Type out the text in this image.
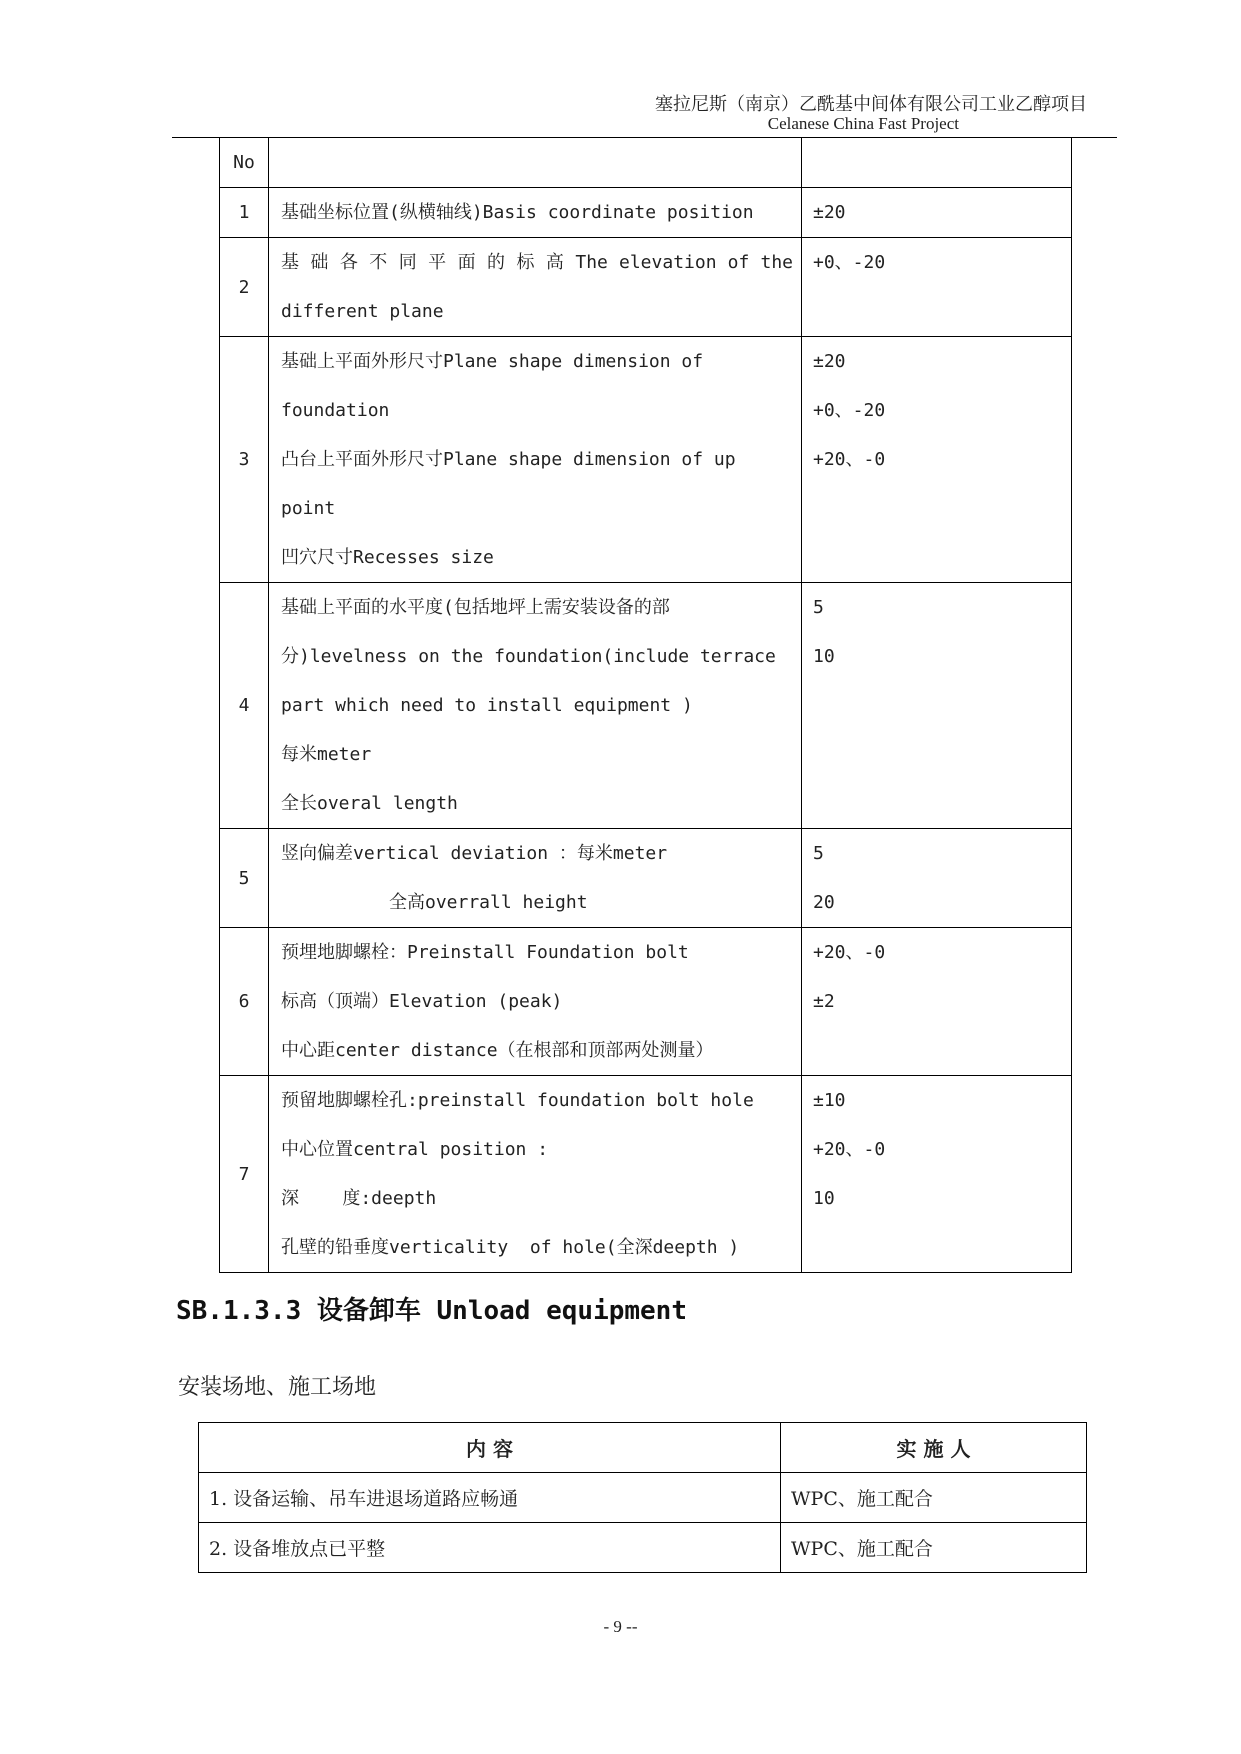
塞拉尼斯（南京）乙酰基中间体有限公司工业乙醇项目
Celanese China Fast Project
No		
1	基础坐标位置(纵横轴线)Basis coordinate position	±20

2	基 础 各 不 同 平 面 的 标 高 The elevation of the
different plane	+0、-20

3	基础上平面外形尺寸Plane shape dimension of
foundation
凸台上平面外形尺寸Plane shape dimension of up
point
凹穴尺寸Recesses size	±20
+0、-20
+20、-0

4	基础上平面的水平度(包括地坪上需安装设备的部
分)levelness on the foundation(include terrace
part which need to install equipment )
每米meter
全长overal length	5
10

5	竖向偏差vertical deviation ：每米meter
全高overrall height	5
20

6	预埋地脚螺栓：Preinstall Foundation bolt
标高（顶端）Elevation (peak)
中心距center distance（在根部和顶部两处测量）	+20、-0
±2

7	预留地脚螺栓孔:preinstall foundation bolt hole
中心位置central position :
深    度:deepth
孔壁的铅垂度verticality  of hole(全深deepth )	±10
+20、-0
10
SB.1.3.3 设备卸车 Unload equipment
安装场地、施工场地
内 容	实 施 人
1. 设备运输、吊车进退场道路应畅通	WPC、施工配合
2. 设备堆放点已平整	WPC、施工配合
- 9 --
